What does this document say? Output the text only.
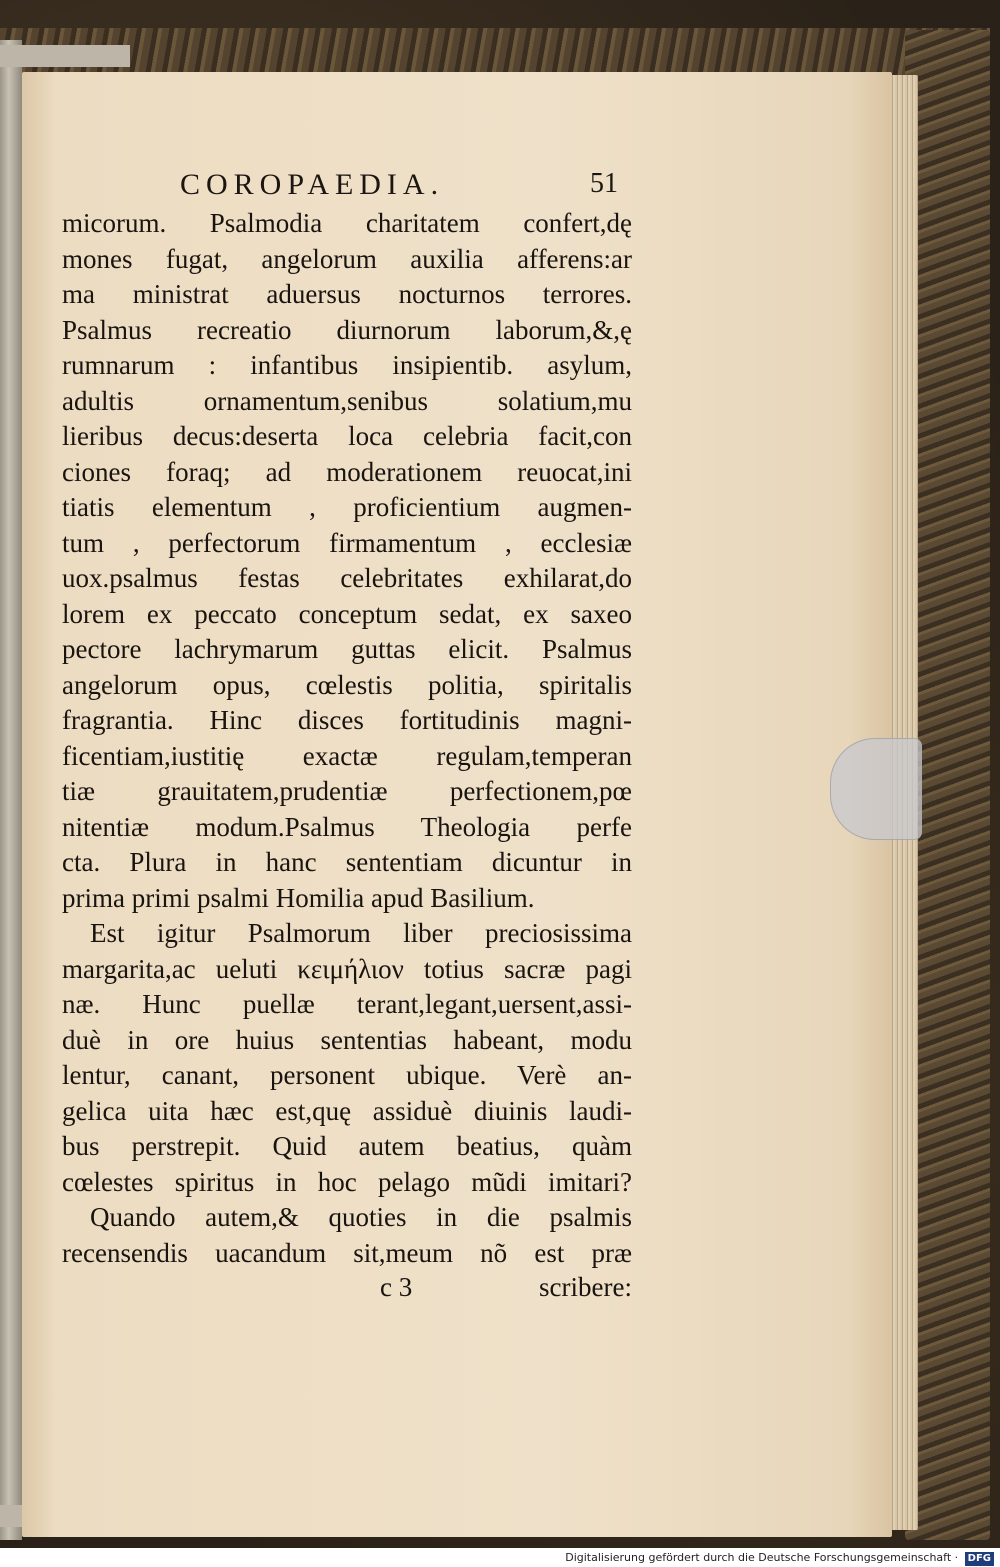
COROPAEDIA.	51
micorum. Psalmodia charitatem confert,dę
mones fugat, angelorum auxilia afferens:ar
ma ministrat aduersus nocturnos terrores.
Psalmus recreatio diurnorum laborum,&,ę
rumnarum : infantibus insipientib. asylum,
adultis ornamentum,senibus solatium,mu
lieribus decus:deserta loca celebria facit,con
ciones foraq; ad moderationem reuocat,ini
tiatis elementum , proficientium augmen-
tum , perfectorum firmamentum , ecclesiæ
uox.psalmus festas celebritates exhilarat,do
lorem ex peccato conceptum sedat, ex saxeo
pectore lachrymarum guttas elicit. Psalmus
angelorum opus, cœlestis politia, spiritalis
fragrantia. Hinc disces fortitudinis magni-
ficentiam,iustitię exactæ regulam,temperan
tiæ grauitatem,prudentiæ perfectionem,pœ
nitentiæ modum.Psalmus Theologia perfe
cta. Plura in hanc sententiam dicuntur in
prima primi psalmi Homilia apud Basilium.
Est igitur Psalmorum liber preciosissima
margarita,ac ueluti κειμήλιον totius sacræ pagi
næ. Hunc puellæ terant,legant,uersent,assi-
duè in ore huius sententias habeant, modu
lentur, canant, personent ubique. Verè an-
gelica uita hæc est,quę assiduè diuinis laudi-
bus perstrepit. Quid autem beatius, quàm
cœlestes spiritus in hoc pelago mũdi imitari?
Quando autem,& quoties in die psalmis
recensendis uacandum sit,meum nõ est præ
c 3	scribere:
Digitalisierung gefördert durch die Deutsche Forschungsgemeinschaft · DFG
